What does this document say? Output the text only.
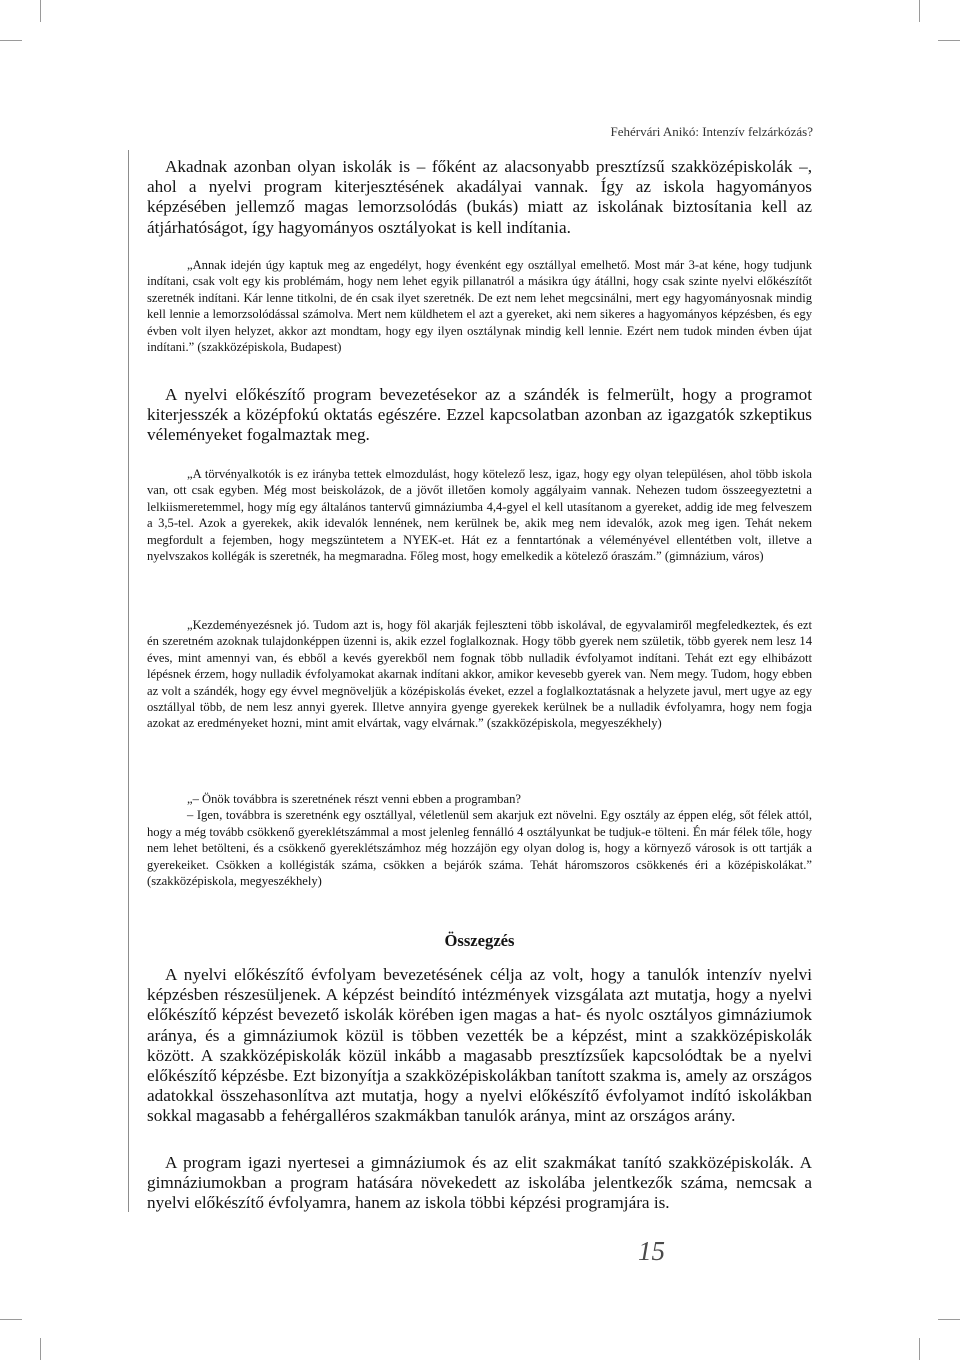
Fehérvári Anikó: Intenzív felzárkózás?

Akadnak azonban olyan iskolák is – főként az alacsonyabb presztízsű szakközépiskolák –, ahol a nyelvi program kiterjesztésének akadályai vannak. Így az iskola hagyományos képzésében jellemző magas lemorzsolódás (bukás) miatt az iskolának biztosítania kell az átjárhatóságot, így hagyományos osztályokat is kell indítania.

„Annak idején úgy kaptuk meg az engedélyt, hogy évenként egy osztállyal emelhető. Most már 3-at kéne, hogy tudjunk indítani, csak volt egy kis problémám, hogy nem lehet egyik pillanatról a másikra úgy átállni, hogy csak szinte nyelvi előkészítőt szeretnék indítani. Kár lenne titkolni, de én csak ilyet szeretnék. De ezt nem lehet megcsinálni, mert egy hagyományosnak mindig kell lennie a lemorzsolódással számolva. Mert nem küldhetem el azt a gyereket, aki nem sikeres a hagyományos képzésben, és egy évben volt ilyen helyzet, akkor azt mondtam, hogy egy ilyen osztálynak mindig kell lennie. Ezért nem tudok minden évben újat indítani.” (szakközépiskola, Budapest)

A nyelvi előkészítő program bevezetésekor az a szándék is felmerült, hogy a programot kiterjesszék a középfokú oktatás egészére. Ezzel kapcsolatban azonban az igazgatók szkeptikus véleményeket fogalmaztak meg.

„A törvényalkotók is ez irányba tettek elmozdulást, hogy kötelező lesz, igaz, hogy egy olyan településen, ahol több iskola van, ott csak egyben. Még most beiskolázok, de a jövőt illetően komoly aggályaim vannak. Nehezen tudom összeegyeztetni a lelkiismeretemmel, hogy míg egy általános tantervű gimnáziumba 4,4-gyel el kell utasítanom a gyereket, addig ide meg felveszem a 3,5-tel. Azok a gyerekek, akik idevalók lennének, nem kerülnek be, akik meg nem idevalók, azok meg igen. Tehát nekem megfordult a fejemben, hogy megszüntetem a NYEK-et. Hát ez a fenntartónak a véleményével ellentétben volt, illetve a nyelvszakos kollégák is szeretnék, ha megmaradna. Főleg most, hogy emelkedik a kötelező óraszám.” (gimnázium, város)

„Kezdeményezésnek jó. Tudom azt is, hogy föl akarják fejleszteni több iskolával, de egyvalamiről megfeledkeztek, és ezt én szeretném azoknak tulajdonképpen üzenni is, akik ezzel foglalkoznak. Hogy több gyerek nem születik, több gyerek nem lesz 14 éves, mint amennyi van, és ebből a kevés gyerekből nem fognak több nulladik évfolyamot indítani. Tehát ezt egy elhibázott lépésnek érzem, hogy nulladik évfolyamokat akarnak indítani akkor, amikor kevesebb gyerek van. Nem megy. Tudom, hogy ebben az volt a szándék, hogy egy évvel megnöveljük a középiskolás éveket, ezzel a foglalkoztatásnak a helyzete javul, mert ugye az egy osztállyal több, de nem lesz annyi gyerek. Illetve annyira gyenge gyerekek kerülnek be a nulladik évfolyamra, hogy nem fogja azokat az eredményeket hozni, mint amit elvártak, vagy elvárnak.” (szakközépiskola, megyeszékhely)

„– Önök továbbra is szeretnének részt venni ebben a programban?

– Igen, továbbra is szeretnénk egy osztállyal, véletlenül sem akarjuk ezt növelni. Egy osztály az éppen elég, sőt félek attól, hogy a még tovább csökkenő gyereklétszámmal a most jelenleg fennálló 4 osztályunkat be tudjuk-e tölteni. Én már félek tőle, hogy nem lehet betölteni, és a csökkenő gyereklétszámhoz még hozzájön egy olyan dolog is, hogy a környező városok is ott tartják a gyerekeiket. Csökken a kollégisták száma, csökken a bejárók száma. Tehát háromszoros csökkenés éri a középiskolákat.” (szakközépiskola, megyeszékhely)

Összegzés

A nyelvi előkészítő évfolyam bevezetésének célja az volt, hogy a tanulók intenzív nyelvi képzésben részesüljenek. A képzést beindító intézmények vizsgálata azt mutatja, hogy a nyelvi előkészítő képzést bevezető iskolák körében igen magas a hat- és nyolc osztályos gimnáziumok aránya, és a gimnáziumok közül is többen vezették be a képzést, mint a szakközépiskolák között. A szakközépiskolák közül inkább a magasabb presztízsűek kapcsolódtak be a nyelvi előkészítő képzésbe. Ezt bizonyítja a szakközépiskolákban tanított szakma is, amely az országos adatokkal összehasonlítva azt mutatja, hogy a nyelvi előkészítő évfolyamot indító iskolákban sokkal magasabb a fehérgalléros szakmákban tanulók aránya, mint az országos arány.

A program igazi nyertesei a gimnáziumok és az elit szakmákat tanító szakközépiskolák. A gimnáziumokban a program hatására növekedett az iskolába jelentkezők száma, nemcsak a nyelvi előkészítő évfolyamra, hanem az iskola többi képzési programjára is.

15
